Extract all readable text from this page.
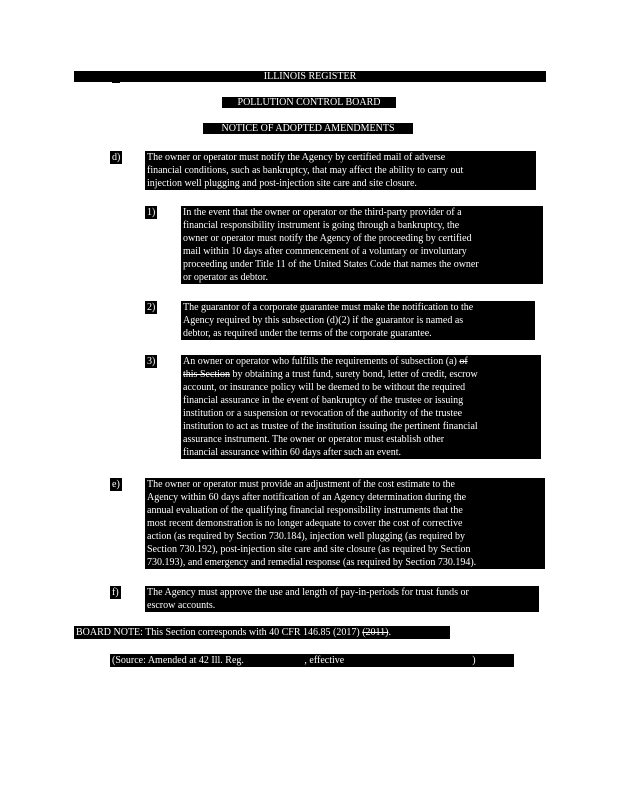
ILLINOIS REGISTER
POLLUTION CONTROL BOARD
NOTICE OF ADOPTED AMENDMENTS
d)	The owner or operator must notify the Agency by certified mail of adverse
financial conditions, such as bankruptcy, that may affect the ability to carry out
injection well plugging and post-injection site care and site closure.
1)	In the event that the owner or operator or the third-party provider of a
financial responsibility instrument is going through a bankruptcy, the
owner or operator must notify the Agency of the proceeding by certified
mail within 10 days after commencement of a voluntary or involuntary
proceeding under Title 11 of the United States Code that names the owner
or operator as debtor.
2)	The guarantor of a corporate guarantee must make the notification to the
Agency required by this subsection (d)(2) if the guarantor is named as
debtor, as required under the terms of the corporate guarantee.
3)	An owner or operator who fulfills the requirements of subsection (a) of
this Section by obtaining a trust fund, surety bond, letter of credit, escrow
account, or insurance policy will be deemed to be without the required
financial assurance in the event of bankruptcy of the trustee or issuing
institution or a suspension or revocation of the authority of the trustee
institution to act as trustee of the institution issuing the pertinent financial
assurance instrument. The owner or operator must establish other
financial assurance within 60 days after such an event.
e)	The owner or operator must provide an adjustment of the cost estimate to the
Agency within 60 days after notification of an Agency determination during the
annual evaluation of the qualifying financial responsibility instruments that the
most recent demonstration is no longer adequate to cover the cost of corrective
action (as required by Section 730.184), injection well plugging (as required by
Section 730.192), post-injection site care and site closure (as required by Section
730.193), and emergency and remedial response (as required by Section 730.194).
f)	The Agency must approve the use and length of pay-in-periods for trust funds or
escrow accounts.
BOARD NOTE: This Section corresponds with 40 CFR 146.85 (2017) (2011).
(Source: Amended at 42 Ill. Reg.	, effective	)
